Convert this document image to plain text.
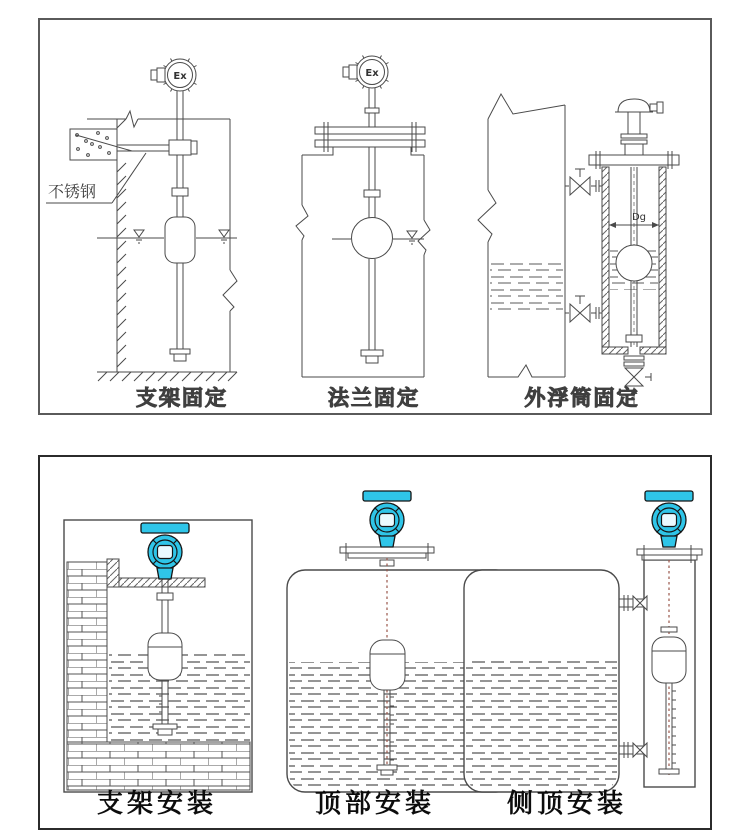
Ex
不锈钢
Ex
Dg
支架固定	法兰固定	外浮筒固定
支架安装	顶部安装	侧顶安装
